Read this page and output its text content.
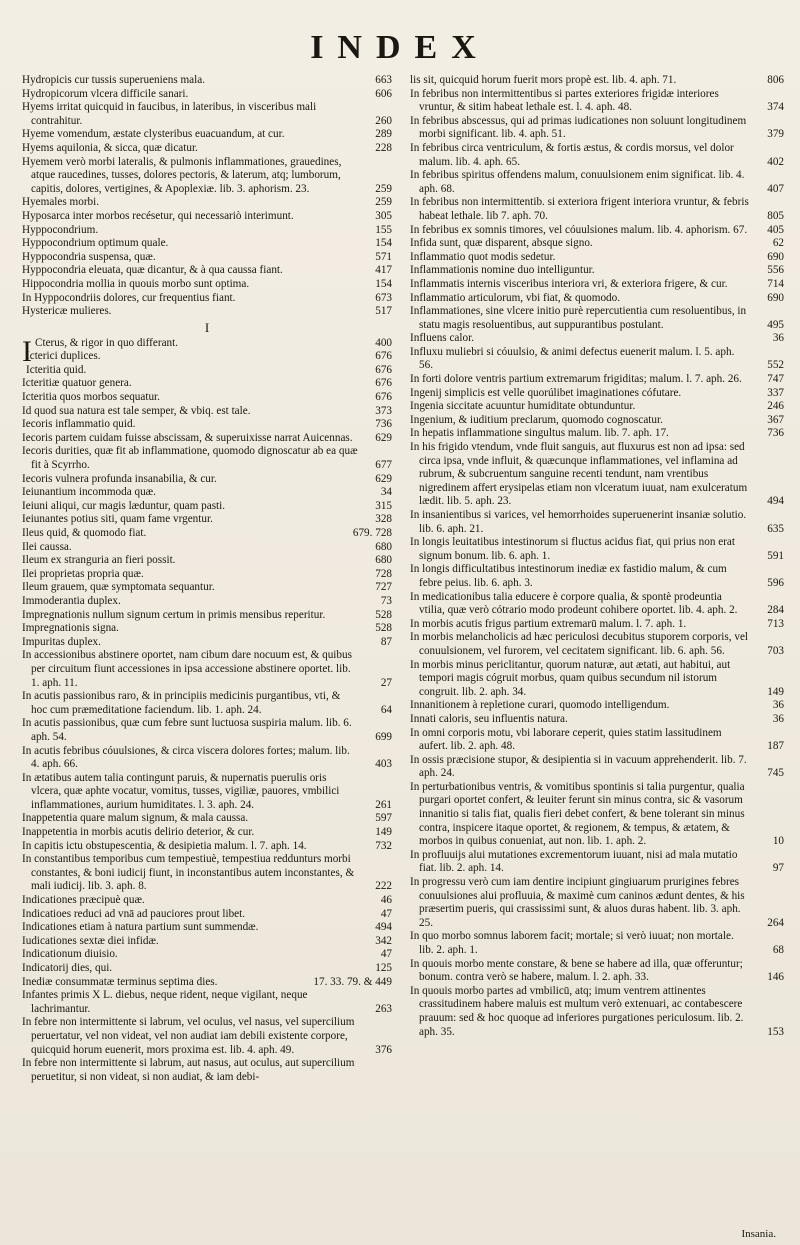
INDEX
Hydropicis cur tussis superueniens mala.	663
Hydropicorum vlcera difficile sanari.	606
Hyems irritat quicquid in faucibus, in lateribus, in visceribus mali contrahitur.	260
Hyeme vomendum, æstate clysteribus euacuandum, at cur.	289
Hyems aquilonia, & sicca, quæ dicatur.	228
Hyemem verò morbi lateralis, & pulmonis inflammationes, grauedines, atque raucedines, tusses, dolores pectoris, & laterum, atq; lumborum, capitis, dolores, vertigines, & Apoplexiæ. lib. 3. aphorism. 23.	259
Hyemales morbi.	259
Hyposarca inter morbos recésetur, qui necessariò interimunt.	305
Hyppocondrium.	155
Hyppocondrium optimum quale.	154
Hyppocondria suspensa, quæ.	571
Hyppocondria eleuata, quæ dicantur, & à qua caussa fiant.	417
Hippocondria mollia in quouis morbo sunt optima.	154
In Hyppocondriis dolores, cur frequentius fiant.	673
Hystericæ mulieres.	517
I
I Cterus, & rigor in quo differant.	400
Icterici duplices.	676
Icteritia quid.	676
Icteritiæ quatuor genera.	676
Icteritia quos morbos sequatur.	676
Id quod sua natura est tale semper, & vbiq. est tale.	373
Iecoris inflammatio quid.	736
Iecoris partem cuidam fuisse abscissam, & superuixisse narrat Auicennas. 629
Iecoris durities, quæ fit ab inflammatione, quomodo dignoscatur ab ea quæ fit à Scyrrho.	677
Iecoris vulnera profunda insanabilia, & cur.	629
Ieiunantium incommoda quæ.	34
Ieiuni aliqui, cur magis læduntur, quam pasti.	315
Ieiunantes potius siti, quam fame vrgentur.	328
Ileus quid, & quomodo fiat.	679. 728
Ilei caussa.	680
Ileum ex stranguria an fieri possit.	680
Ilei proprietas propria quæ.	728
Ileum grauem, quæ symptomata sequantur.	727
Immoderantia duplex.	73
Impregnationis nullum signum certum in primis mensibus reperitur.	528
Impregnationis signa.	528
Impuritas duplex.	87
In accessionibus abstinere oportet, nam cibum dare nocuum est, & quibus per circuitum fiunt accessiones in ipsa accessione abstinere oportet. lib. 1. aph. 11.	27
In acutis passionibus raro, & in principiis medicinis purgantibus, vti, & hoc cum præmeditatione faciendum. lib. 1. aph. 24.	64
In acutis passionibus, quæ cum febre sunt luctuosa suspiria malum. lib. 6. aph. 54.	699
In acutis febribus cóuulsiones, & circa viscera dolores fortes; malum. lib. 4. aph. 66.	403
In ætatibus autem talia contingunt paruis, & nupernatis puerulis oris vlcera, quæ aphte vocatur, vomitus, tusses, vigiliæ, pauores, vmbilici inflammationes, aurium humiditates. l. 3. aph. 24.	261
Inappetentia quare malum signum, & mala caussa.	597
Inappetentia in morbis acutis delirio deterior, & cur.	149
In capitis ictu obstupescentia, & desipietia malum. l. 7. aph. 14.	732
In constantibus temporibus cum tempestiuè, tempestiua reddunturs morbi constantes, & boni iudicij fiunt, in inconstantibus autem inconstantes, & mali iudicij. lib. 3. aph. 8.	222
Indicationes præcipuè quæ.	46
Indicatioes reduci ad vnā ad pauciores prout libet.	47
Indicationes etiam à natura partium sunt summendæ.	494
Iudicationes sextæ diei infidæ.	342
Indicationum diuisio.	47
Indicatorij dies, qui.	125
Inediæ consummatæ terminus septima dies.	17. 33. 79. & 449
Infantes primis X L. diebus, neque rident, neque vigilant, neque lachrimantur.	263
In febre non intermittente si labrum, vel oculus, vel nasus, vel supercilium peruertatur, vel non videat, vel non audiat iam debili existente corpore, quicquid horum euenerit, mors proxima est. lib. 4. aph. 49.	376
In febre non intermittente si labrum, aut nasus, aut oculus, aut supercilium peruetitur, si non videat, si non audiat, & iam debi-
lis sit, quicquid horum fuerit mors propè est. lib. 4. aph. 71.	806
In febribus non intermittentibus si partes exteriores frigidæ interiores vruntur, & sitim habeat lethale est. l. 4. aph. 48.	374
In febribus abscessus, qui ad primas iudicationes non soluunt longitudinem morbi significant. lib. 4. aph. 51.	379
In febribus circa ventriculum, & fortis æstus, & cordis morsus, vel dolor malum. lib. 4. aph. 65.	402
In febribus spiritus offendens malum, conuulsionem enim significat. lib. 4. aph. 68.	407
In febribus non intermittentib. si exteriora frigent interiora vruntur, & febris habeat lethale. lib 7. aph. 70.	805
In febribus ex somnis timores, vel cóuulsiones malum. lib. 4. aphorism. 67. 405
Infida sunt, quæ disparent, absque signo.	62
Inflammatio quot modis sedetur.	690
Inflammationis nomine duo intelliguntur.	556
Inflammatis internis visceribus interiora vri, & exteriora frigere, & cur.	714
Inflammatio articulorum, vbi fiat, & quomodo.	690
Inflammationes, sine vlcere initio purè repercutientia cum resoluentibus, in statu magis resoluentibus, aut suppurantibus postulant.	495
Influens calor.	36
Influxu muliebri si cóuulsio, & animi defectus euenerit malum. l. 5. aph. 56.	552
In forti dolore ventris partium extremarum frigiditas; malum. l. 7. aph. 26. 747
Ingenij simplicis est velle quorúlibet imaginationes cófutare.	337
Ingenia siccitate acuuntur humiditate obtunduntur.	246
Ingenium, & iuditium preclarum, quomodo cognoscatur.	367
In hepatis inflammatione singultus malum. lib. 7. aph. 17.	736
In his frigido vtendum, vnde fluit sanguis, aut fluxurus est non ad ipsa: sed circa ipsa, vnde influit, & quæcunque inflammationes, vel inflamina ad rubrum, & subcruentum sanguine recenti tendunt, nam vrentibus nigredinem affert erysipelas etiam non vlceratum iuuat, nam exulceratum lædit. lib. 5. aph. 23.	494
In insanientibus si varices, vel hemorrhoides superuenerint insaniæ solutio. lib. 6. aph. 21.	635
In longis leuitatibus intestinorum si fluctus acidus fiat, qui prius non erat signum bonum. lib. 6. aph. 1.	591
In longis difficultatibus intestinorum inediæ ex fastidio malum, & cum febre peius. lib. 6. aph. 3.	596
In medicationibus talia educere è corpore qualia, & spontè prodeuntia vtilia, quæ verò cótrario modo prodeunt cohibere oportet. lib. 4. aph. 2.	284
In morbis acutis frigus partium extremarū malum. l. 7. aph. 1.	713
In morbis melancholicis ad hæc periculosi decubitus stuporem corporis, vel conuulsionem, vel furorem, vel cecitatem significant. lib. 6. aph. 56.	703
In morbis minus periclitantur, quorum naturæ, aut ætati, aut habitui, aut tempori magis cógruit morbus, quam quibus secundum nil istorum congruit. lib. 2. aph. 34.	149
Innanitionem à repletione curari, quomodo intelligendum.	36
Innati caloris, seu influentis natura.	36
In omni corporis motu, vbi laborare ceperit, quies statim lassitudinem aufert. lib. 2. aph. 48.	187
In ossis præcisione stupor, & desipientia si in vacuum apprehenderit. lib. 7. aph. 24.	745
In perturbationibus ventris, & vomitibus spontinis si talia purgentur, qualia purgari oportet confert, & leuiter ferunt sin minus contra, sic & vasorum innanitio si talis fiat, qualis fieri debet confert, & bene tolerant sin minus contra, inspicere itaque oportet, & regionem, & tempus, & ætatem, & morbos in quibus conueniat, aut non. lib. 1. aph. 2.	10
In profluuijs alui mutationes excrementorum iuuant, nisi ad mala mutatio fiat. lib. 2. aph. 14.	97
In progressu verò cum iam dentire incipiunt gingiuarum prurigines febres conuulsiones alui profluuia, & maximè cum caninos ædunt dentes, & his præsertim pueris, qui crassissimi sunt, & aluos duras habent. lib. 3. aph. 25.	264
In quo morbo somnus laborem facit; mortale; si verò iuuat; non mortale. lib. 2. aph. 1.	68
In quouis morbo mente constare, & bene se habere ad illa, quæ offeruntur; bonum. contra verò se habere, malum. l. 2. aph. 33.	146
In quouis morbo partes ad vmbilicū, atq; imum ventrem attinentes crassitudinem habere maluis est multum verò extenuari, ac contabescere prauum: sed & hoc quoque ad inferiores purgationes periculosum. lib. 2. aph. 35.	153
Insania.
